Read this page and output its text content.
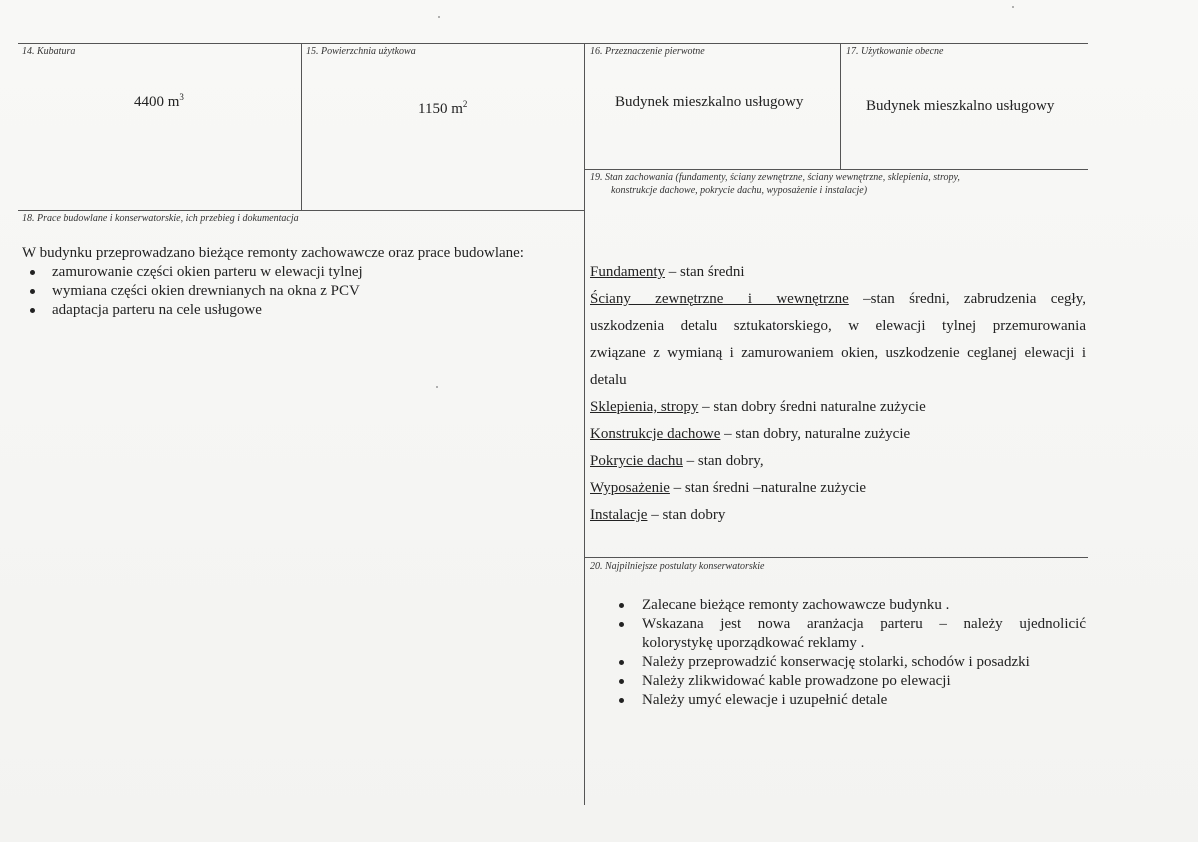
14. Kubatura
4400 $m^3$
15. Powierzchnia użytkowa
1150 $m^2$
16. Przeznaczenie pierwotne
Budynek mieszkalno usługowy
17. Użytkowanie obecne
Budynek mieszkalno usługowy
18. Prace budowlane i konserwatorskie, ich przebieg i dokumentacja
W budynku przeprowadzano bieżące remonty zachowawcze oraz prace budowlane:
zamurowanie części okien parteru w elewacji tylnej
wymiana części okien drewnianych na okna z PCV
adaptacja parteru na cele usługowe
19. Stan zachowania (fundamenty, ściany zewnętrzne, ściany wewnętrzne, sklepienia, stropy,
konstrukcje dachowe, pokrycie dachu, wyposażenie i instalacje)
Fundamenty – stan średni
Ściany zewnętrzne i wewnętrzne –stan średni, zabrudzenia cegły,
uszkodzenia detalu sztukatorskiego, w elewacji tylnej przemurowania
związane z wymianą i zamurowaniem okien, uszkodzenie ceglanej elewacji i
detalu
Sklepienia, stropy – stan dobry średni naturalne zużycie
Konstrukcje dachowe – stan dobry, naturalne zużycie
Pokrycie dachu – stan dobry,
Wyposażenie – stan średni –naturalne zużycie
Instalacje – stan dobry
20. Najpilniejsze postulaty konserwatorskie
Zalecane bieżące remonty zachowawcze budynku .
Wskazana jest nowa aranżacja parteru – należy ujednolicić
kolorystykę uporządkować reklamy .
Należy przeprowadzić konserwację stolarki, schodów i posadzki
Należy zlikwidować kable prowadzone po elewacji
Należy umyć elewacje i uzupełnić detale
